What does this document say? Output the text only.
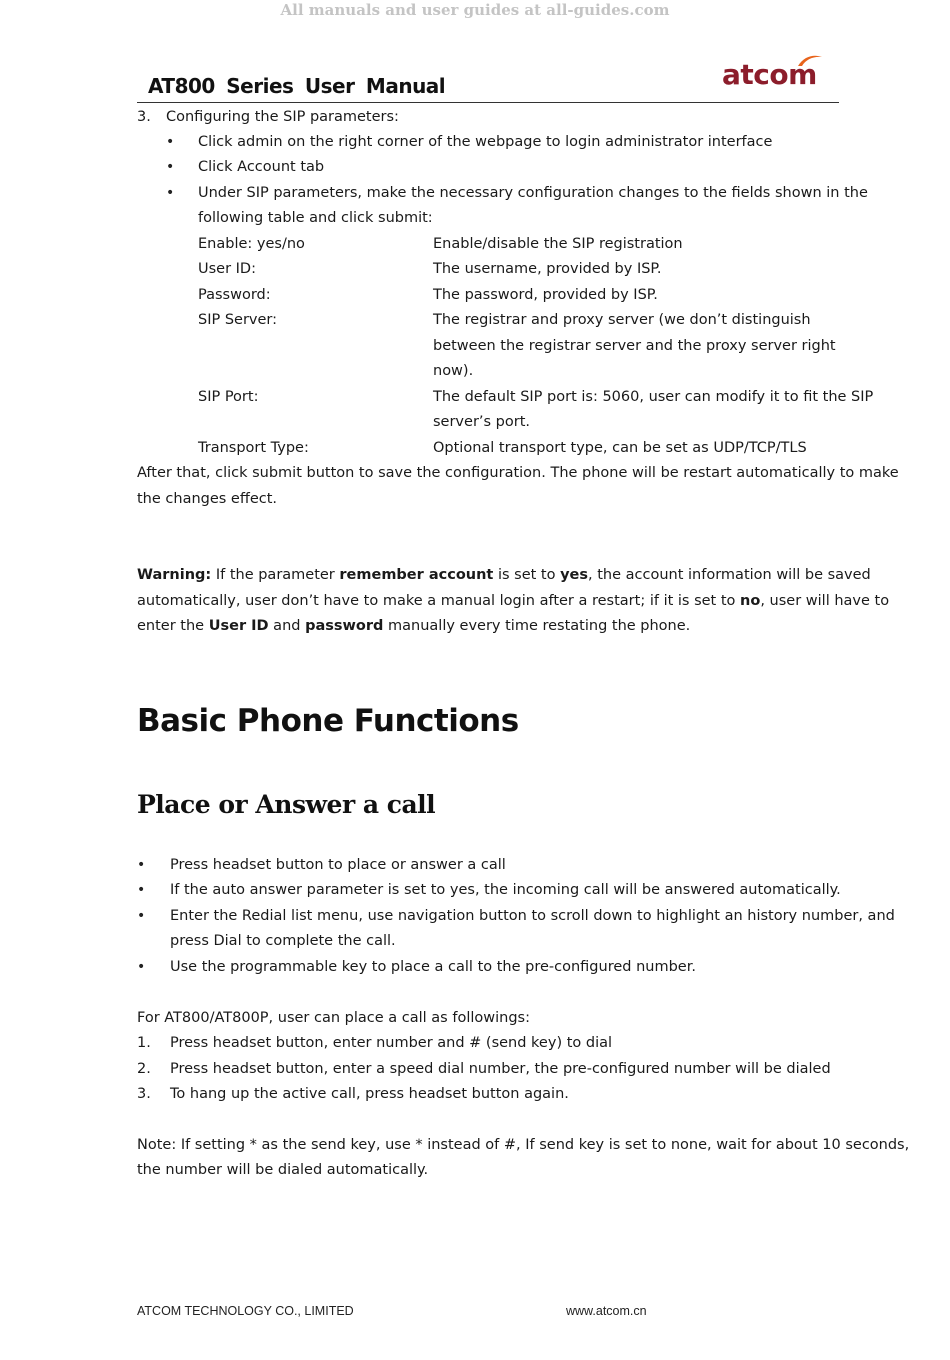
All manuals and user guides at all-guides.com
AT800 Series User Manual	atcom
3. Configuring the SIP parameters:
• Click admin on the right corner of the webpage to login administrator interface
• Click Account tab
• Under SIP parameters, make the necessary configuration changes to the fields shown in the
following table and click submit:
Enable: yes/no	Enable/disable the SIP registration
User ID:	The username, provided by ISP.
Password:	The password, provided by ISP.
SIP Server:	The registrar and proxy server (we don’t distinguish
between the registrar server and the proxy server right
now).
SIP Port:	The default SIP port is: 5060, user can modify it to fit the SIP
server’s port.
Transport Type:	Optional transport type, can be set as UDP/TCP/TLS
After that, click submit button to save the configuration. The phone will be restart automatically to make
the changes effect.
Warning: If the parameter remember account is set to yes, the account information will be saved
automatically, user don’t have to make a manual login after a restart; if it is set to no, user will have to
enter the User ID and password manually every time restating the phone.
Basic Phone Functions
Place or Answer a call
• Press headset button to place or answer a call
• If the auto answer parameter is set to yes, the incoming call will be answered automatically.
• Enter the Redial list menu, use navigation button to scroll down to highlight an history number, and
press Dial to complete the call.
• Use the programmable key to place a call to the pre-configured number.
For AT800/AT800P, user can place a call as followings:
1. Press headset button, enter number and # (send key) to dial
2. Press headset button, enter a speed dial number, the pre-configured number will be dialed
3. To hang up the active call, press headset button again.
Note: If setting * as the send key, use * instead of #, If send key is set to none, wait for about 10 seconds,
the number will be dialed automatically.
ATCOM TECHNOLOGY CO., LIMITED	www.atcom.cn
